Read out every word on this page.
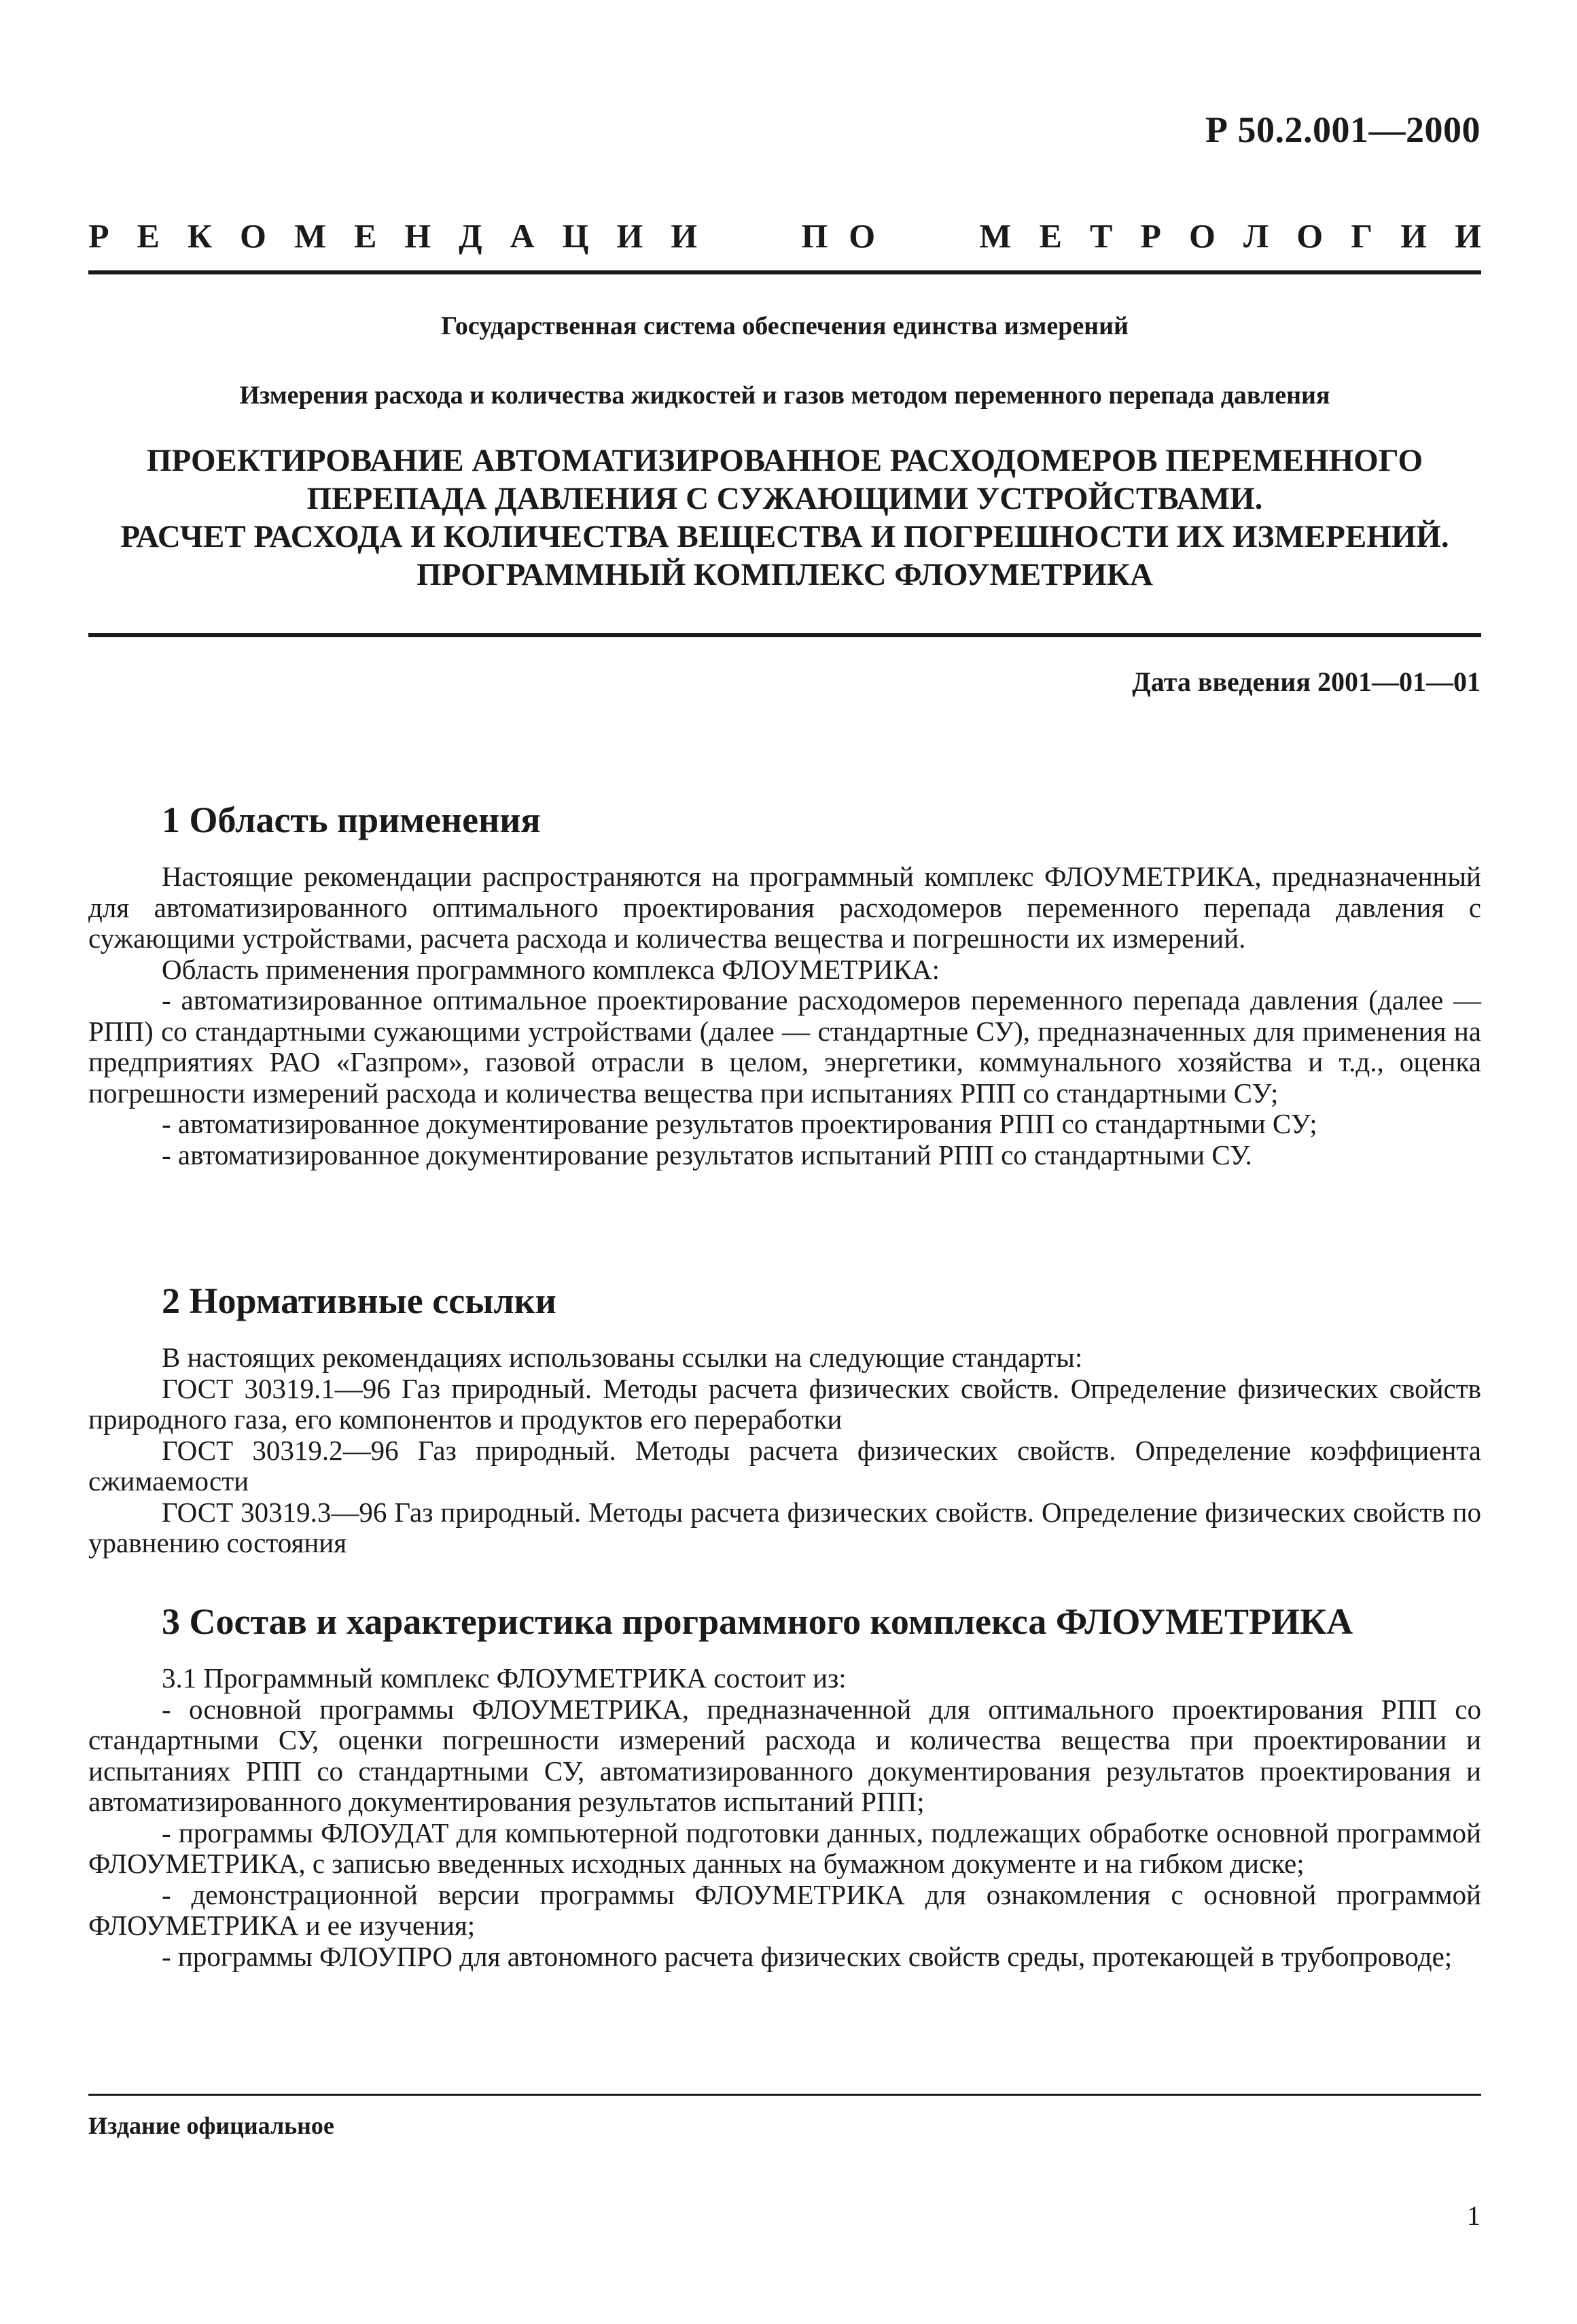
Р 50.2.001—2000
Р Е К О М Е Н Д А Ц И И	П О	М Е Т Р О Л О Г И И
Государственная система обеспечения единства измерений
Измерения расхода и количества жидкостей и газов методом переменного перепада давления
ПРОЕКТИРОВАНИЕ АВТОМАТИЗИРОВАННОЕ РАСХОДОМЕРОВ ПЕРЕМЕННОГО
ПЕРЕПАДА ДАВЛЕНИЯ С СУЖАЮЩИМИ УСТРОЙСТВАМИ.
РАСЧЕТ РАСХОДА И КОЛИЧЕСТВА ВЕЩЕСТВА И ПОГРЕШНОСТИ ИХ ИЗМЕРЕНИЙ.
ПРОГРАММНЫЙ КОМПЛЕКС ФЛОУМЕТРИКА
Дата введения 2001—01—01
1 Область применения

Настоящие рекомендации распространяются на программный комплекс ФЛОУМЕТРИКА, предназначенный для автоматизированного оптимального проектирования расходомеров переменного перепада давления с сужающими устройствами, расчета расхода и количества вещества и погрешности их измерений.

Область применения программного комплекса ФЛОУМЕТРИКА:

- автоматизированное оптимальное проектирование расходомеров переменного перепада давления (далее — РПП) со стандартными сужающими устройствами (далее — стандартные СУ), предназначенных для применения на предприятиях РАО «Газпром», газовой отрасли в целом, энергетики, коммунального хозяйства и т.д., оценка погрешности измерений расхода и количества вещества при испытаниях РПП со стандартными СУ;

- автоматизированное документирование результатов проектирования РПП со стандартными СУ;

- автоматизированное документирование результатов испытаний РПП со стандартными СУ.

2 Нормативные ссылки

В настоящих рекомендациях использованы ссылки на следующие стандарты:

ГОСТ 30319.1—96 Газ природный. Методы расчета физических свойств. Определение физических свойств природного газа, его компонентов и продуктов его переработки

ГОСТ 30319.2—96 Газ природный. Методы расчета физических свойств. Определение коэффициента сжимаемости

ГОСТ 30319.3—96 Газ природный. Методы расчета физических свойств. Определение физических свойств по уравнению состояния

3 Состав и характеристика программного комплекса ФЛОУМЕТРИКА

3.1 Программный комплекс ФЛОУМЕТРИКА состоит из:

- основной программы ФЛОУМЕТРИКА, предназначенной для оптимального проектирования РПП со стандартными СУ, оценки погрешности измерений расхода и количества вещества при проектировании и испытаниях РПП со стандартными СУ, автоматизированного документирования результатов проектирования и автоматизированного документирования результатов испытаний РПП;

- программы ФЛОУДАТ для компьютерной подготовки данных, подлежащих обработке основной программой ФЛОУМЕТРИКА, с записью введенных исходных данных на бумажном документе и на гибком диске;

- демонстрационной версии программы ФЛОУМЕТРИКА для ознакомления с основной программой ФЛОУМЕТРИКА и ее изучения;

- программы ФЛОУПРО для автономного расчета физических свойств среды, протекающей в трубопроводе;

Издание официальное
1
